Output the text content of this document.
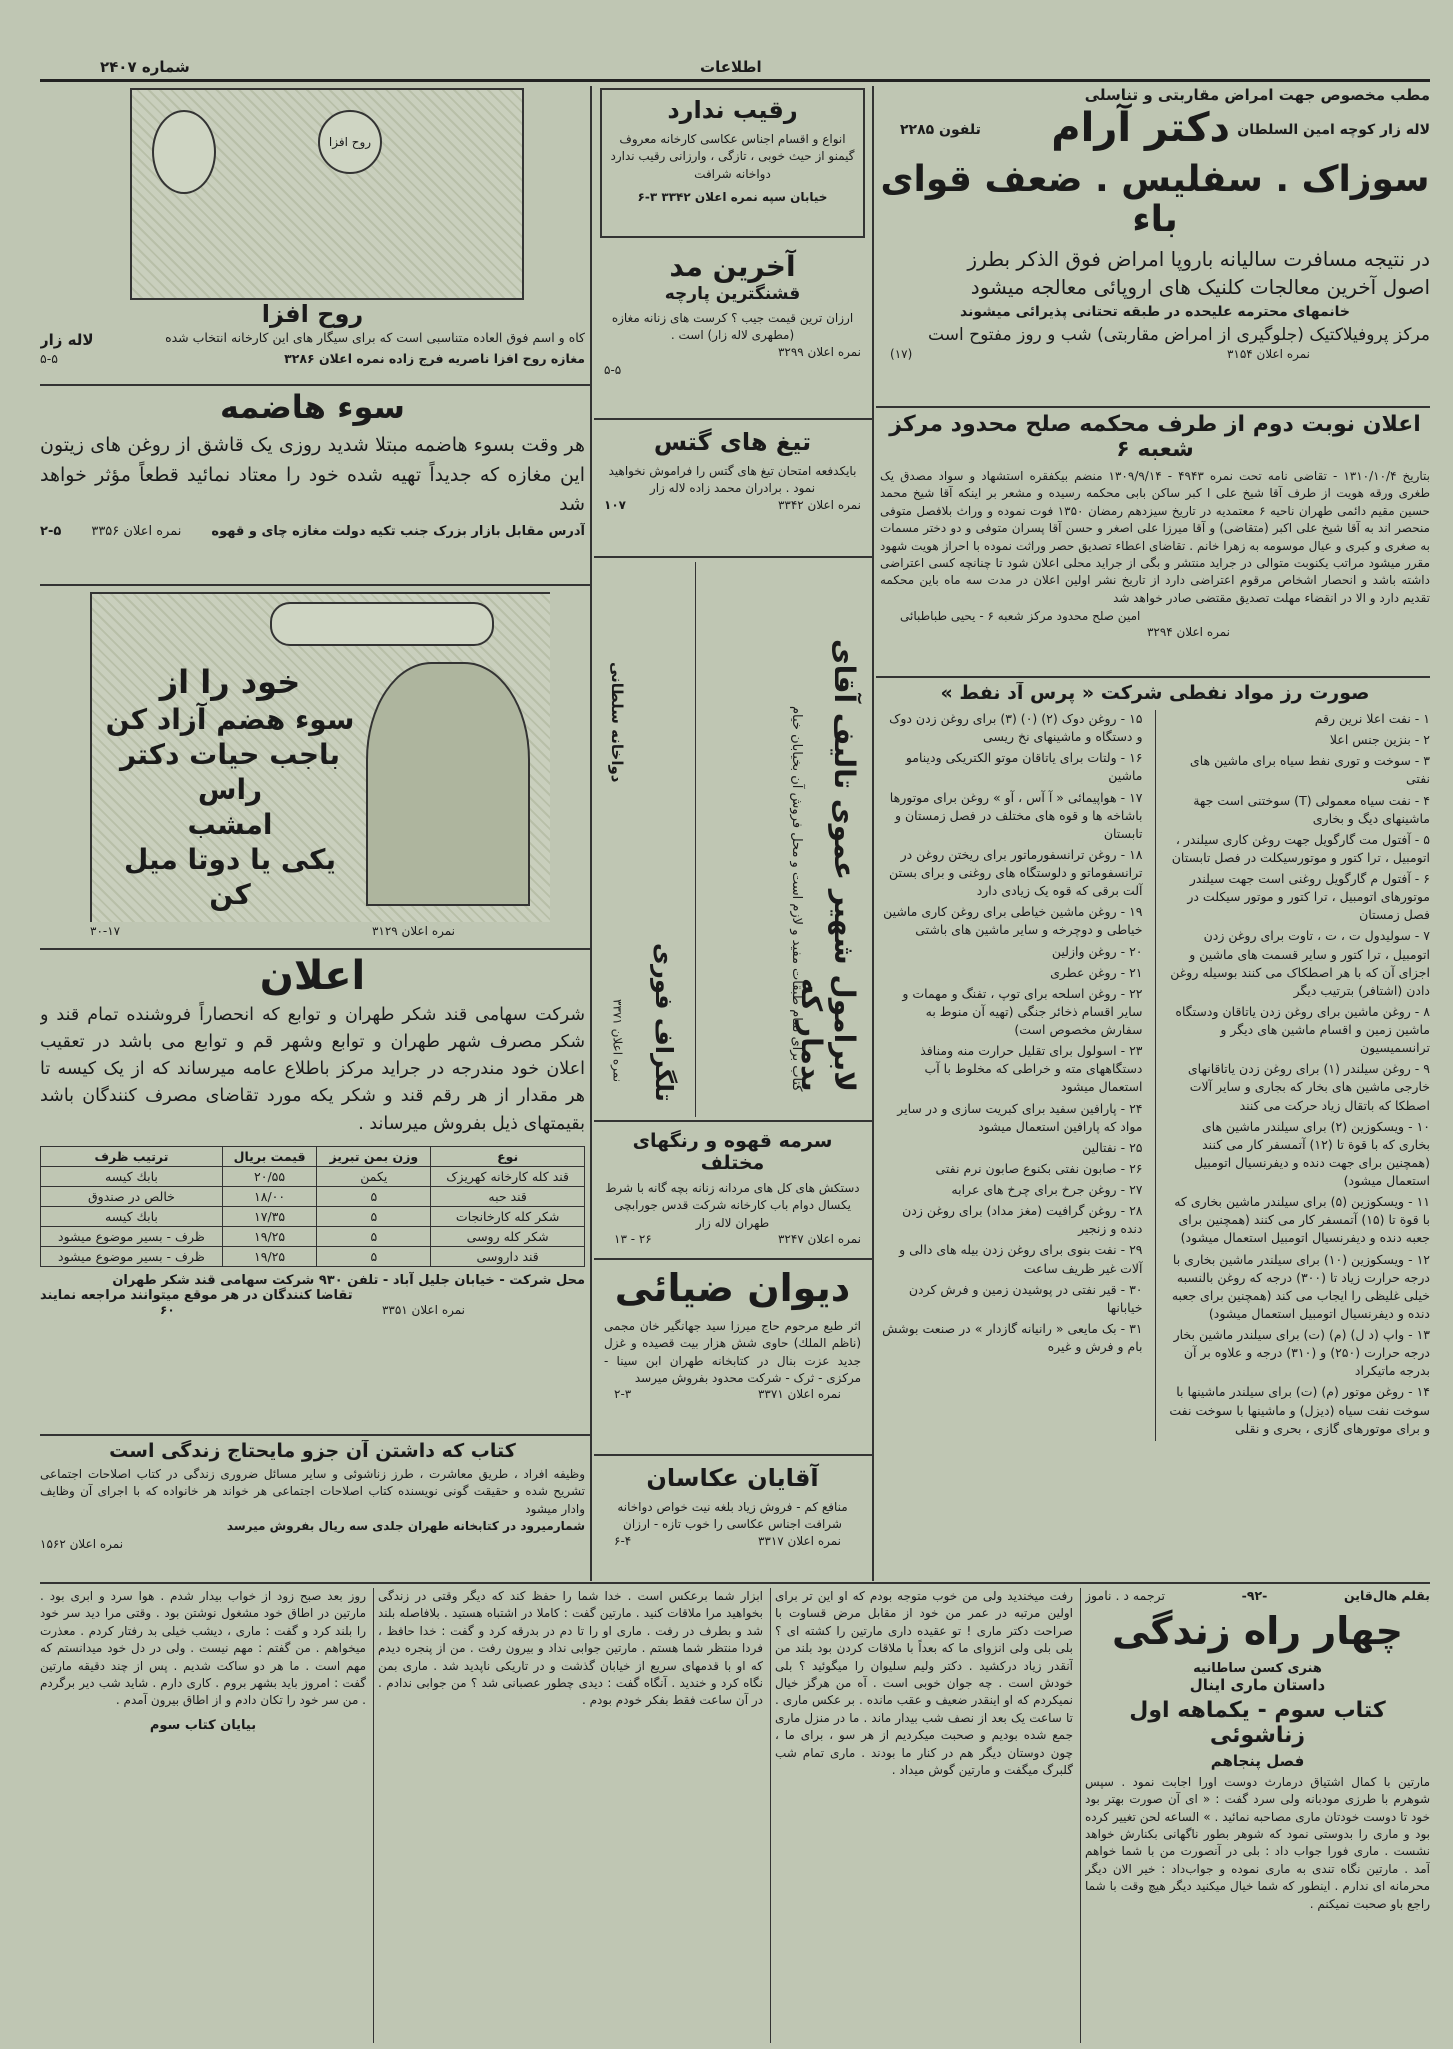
شماره ۲۴۰۷	اطلاعات
مطب مخصوص جهت امراض مقاربتی و تناسلی
لاله زار کوچه امین السلطان
دکتر آرام
تلفون ۲۲۸۵
سوزاک . سفلیس . ضعف قوای باء
در نتیجه مسافرت سالیانه باروپا امراض فوق الذکر بطرز
اصول آخرین معالجات کلنیک های اروپائی معالجه میشود
خانمهای محترمه علیحده در طبقه تحتانی پذیرائی میشوند
مرکز پروفیلاکتیک (جلوگیری از امراض مقاربتی) شب و روز مفتوح است
نمره اعلان ۳۱۵۴
(۱۷)
اعلان نوبت دوم از طرف محکمه صلح محدود مرکز شعبه ۶
بتاریخ ۱۳۱۰/۱۰/۴ - تقاضی نامه تحت نمره ۴۹۴۳ - ۱۳۰۹/۹/۱۴ منضم بیکفقره استشهاد و سواد مصدق یک طغری ورقه هویت از طرف آقا شیخ علی ا کبر ساکن بابی محکمه رسیده و مشعر بر اینکه آقا شیخ محمد حسین مقیم دائمی طهران ناحیه ۶ معتمدیه در تاریخ سیزدهم رمضان ۱۳۵۰ فوت نموده و وراث بلافصل متوفی منحصر اند به آقا شیخ علی اکبر (متقاضی) و آقا میرزا علی اصغر و حسن آقا پسران متوفی و دو دختر مسمات به صغری و کبری و عیال موسومه به زهرا خانم . تقاضای اعطاء تصدیق حصر وراثت نموده با احراز هویت شهود مقرر میشود مراتب یکنوبت متوالی در جراید منتشر و بگی از جراید محلی اعلان شود تا چنانچه کسی اعتراضی داشته باشد و انحصار اشخاص مرقوم اعتراضی دارد از تاریخ نشر اولین اعلان در مدت سه ماه باین محکمه تقدیم دارد و الا در انقضاء مهلت تصدیق مقتضی صادر خواهد شد
امین صلح محدود مرکز شعبه ۶ - یحیی طباطبائی
نمره اعلان ۳۲۹۴
صورت رز مواد نفطی شرکت « پرس آد نفط »

۱ - نفت اعلا نرین رقم

۲ - بنزین جنس اعلا

۳ - سوخت و توری نفط سیاه برای ماشین های نفتی

۴ - نفت سیاه معمولی (T) سوختنی است جهة ماشینهای دیگ و بخاری

۵ - آفتول مت گارگویل جهت روغن کاری سیلندر ، اتومبیل ، ترا کتور و موتورسیکلت در فصل تابستان

۶ - آفتول م گارگویل روغنی است جهت سیلندر موتورهای اتومبیل ، ترا کتور و موتور سیکلت در فصل زمستان

۷ - سولیدول ت ، ت ، تاوت برای روغن زدن اتومبیل ، ترا کتور و سایر قسمت های ماشین و اجزای آن که با هر اصطکاک می کنند بوسیله روغن دادن (اشتافر) بترتیب دیگر

۸ - روغن ماشین برای روغن زدن یاتاقان ودستگاه ماشین زمین و اقسام ماشین های دیگر و ترانسمیسیون

۹ - روغن سیلندر (۱) برای روغن زدن یاتاقانهای خارجی ماشین های بخار که بجاری و سایر آلات اصطکا که باتقال زیاد حرکت می کنند

۱۰ - ویسکوزین (۲) برای سیلندر ماشین های بخاری که با قوة تا (۱۲) آتمسفر کار می کنند (همچنین برای جهت دنده و دیفرنسیال اتومبیل استعمال میشود)

۱۱ - ویسکوزین (۵) برای سیلندر ماشین بخاری که با قوة تا (۱۵) آتمسفر کار می کنند (همچنین برای جعبه دنده و دیفرنسیال اتومبیل استعمال میشود)

۱۲ - ویسکوزین (۱۰) برای سیلندر ماشین بخاری با درجه حرارت زیاد تا (۳۰۰) درجه که روغن بالنسبه خیلی غلیظی را ایجاب می کند (همچنین برای جعبه دنده و دیفرنسیال اتومبیل استعمال میشود)

۱۳ - واپ (د ل) (م) (ت) برای سیلندر ماشین بخار درجه حرارت (۲۵۰) و (۳۱۰) درجه و علاوه بر آن بدرجه ماتیکراد

۱۴ - روغن موتور (م) (ت) برای سیلندر ماشینها با سوخت نفت سیاه (دیزل) و ماشینها با سوخت نفت و برای موتورهای گازی ، بحری و نقلی

۱۵ - روغن دوک (۲) (۰) (۳) برای روغن زدن دوک و دستگاه و ماشینهای نخ ریسی

۱۶ - ولتات برای یاتاقان موتو الکتریکی ودینامو ماشین

۱۷ - هواپیمائی « آ آس ، آو » روغن برای موتورها باشاخه ها و قوه های مختلف در فصل زمستان و تابستان

۱۸ - روغن ترانسفورماتور برای ریختن روغن در ترانسفوماتو و دلوستگاه های روغنی و برای بستن آلت برقی که قوه یک زیادی دارد

۱۹ - روغن ماشین خیاطی برای روغن کاری ماشین خیاطی و دوچرخه و سایر ماشین های باشتی

۲۰ - روغن وازلین

۲۱ - روغن عطری

۲۲ - روغن اسلحه برای توپ ، تفنگ و مهمات و سایر اقسام ذخائر جنگی (تهیه آن منوط به سفارش مخصوص است)

۲۳ - اسولول برای تقلیل حرارت منه ومنافذ دستگاههای مته و خراطی که مخلوط با آب استعمال میشود

۲۴ - پارافین سفید برای کبریت سازی و در سایر مواد که پارافین استعمال میشود

۲۵ - نفتالین

۲۶ - صابون نفتی بکنوع صابون نرم نفتی

۲۷ - روغن جرخ برای چرخ های عرابه

۲۸ - روغن گرافیت (مغز مداد) برای روغن زدن دنده و زنجیر

۲۹ - نفت بنوی برای روغن زدن بیله های دالی و آلات غیر ظریف ساعت

۳۰ - قیر نفتی در پوشیدن زمین و فرش کردن خیابانها

۳۱ - بک مایعی « رانیانه گازدار » در صنعت بوشش بام و فرش و غیره

رقیب ندارد
انواع و اقسام اجناس عکاسی کارخانه معروف گیمنو از حیث خوبی ، تازگی ، وارزانی رقیب ندارد دواخانه شرافت
خیابان سپه نمره اعلان ۳۳۴۲ ۳-۶
آخرین مد
قشنگترین پارچه
ارزان ترین قیمت جیب ؟ کرست های زنانه مغازه (مطهری لاله زار) است .
نمره اعلان ۳۲۹۹
۵-۵
تیغ های گتس
بایکدفعه امتحان تیغ های گتس را فراموش نخواهید نمود . برادران محمد زاده لاله زار
نمره اعلان ۳۳۴۲
۱۰۷
لابرامول شهیر عموی تالیف آقای بدمار که
کتاب برای تمام طبقات مفید و لازم است و محل فروش آن بخیابان خیام
تلگراف فوری
دواخانه سلطانی
نمره اعلان ۳۳۷۱
سرمه قهوه و رنگهای مختلف
دستکش های کل های مردانه زنانه بچه گانه با شرط یکسال دوام باب کارخانه شرکت قدس جورابچی طهران لاله زار
نمره اعلان ۳۲۴۷
۲۶ - ۱۳
دیوان ضیائی
اثر طبع مرحوم حاج میرزا سید جهانگیر خان مجمی (ناظم الملك) حاوی شش هزار بیت قصیده و غزل جدید عزت بنال در کتابخانه طهران ابن سینا - مرکزی - ثرک - شرکت محدود بفروش میرسد
نمره اعلان ۳۳۷۱
۲-۳
آقایان عکاسان
منافع کم - فروش زیاد بلغه نیت خواص دواخانه شرافت اجناس عکاسی را خوب تازه - ارزان
نمره اعلان ۳۳۱۷
۶-۴
روح افزا
روح افزا
کاه و اسم فوق العاده متناسبی است که برای سیگار های این کارخانه انتخاب شده
لاله زار
مغازه روح افزا ناصریه فرج زاده نمره اعلان ۳۲۸۶
۵-۵
سوء هاضمه
هر وقت بسوء هاضمه مبتلا شدید روزی یک قاشق از روغن های زیتون این مغازه که جدیداً تهیه شده خود را معتاد نمائید قطعاً مؤثر خواهد شد
آدرس مقابل بازار بزرک جنب تکیه دولت مغازه چای و قهوه
نمره اعلان ۳۳۵۶
۲-۵
خود را از
سوء هضم آزاد کن
باجب حیات دکتر راس
امشب
یکی یا دوتا میل کن
نمره اعلان ۳۱۲۹
۳۰-۱۷
اعلان
شرکت سهامی قند شکر طهران و توابع که انحصاراً فروشنده تمام قند و شکر مصرف شهر طهران و توابع وشهر قم و توابع می باشد در تعقیب اعلان خود مندرجه در جراید مرکز باطلاع عامه میرساند که از یک کیسه تا هر مقدار از هر رقم قند و شکر یکه مورد تقاضای مصرف کنندگان باشد بقیمتهای ذیل بفروش میرساند .
نوع	وزن بمن تبریز	قیمت بریال	ترتیب ظرف
قند کله کارخانه کهریزک	یکمن	۲۰/۵۵	بابك كيسه
قند حبه	۵	۱۸/۰۰	خالص در صندوق
شکر کله کارخانجات	۵	۱۷/۳۵	بابك كيسه
شکر کله روسی	۵	۱۹/۲۵	ظرف - بسیر موضوع میشود
قند داروسی	۵	۱۹/۲۵	ظرف - بسیر موضوع میشود
محل شرکت - خیابان جلیل آباد - تلفن ۹۳۰ شرکت سهامی قند شکر طهران
تقاضا کنندگان در هر موقع میتوانند مراجعه نمایند
نمره اعلان ۳۳۵۱
۶۰
کتاب که داشتن آن جزو مایحتاج زندگی است
وظیفه افراد ، طریق معاشرت ، طرز زناشوئی و سایر مسائل ضروری زندگی در کتاب اصلاحات اجتماعی تشریح شده و حقیقت گونی نویسنده کتاب اصلاحات اجتماعی هر خواند هر خانواده که با اجرای آن وظایف وادار میشود
شمارمیرود در کتابخانه طهران جلدی سه ریال بفروش میرسد
نمره اعلان ۱۵۶۲
بقلم هال‌قاین
-۹۲-
ترجمه د . ناموز
چهار راه زندگی
هنری کسن ساطانیه
داستان ماری اینال
کتاب سوم - یکماهه اول زناشوئی
فصل پنجاهم
مارتین با کمال اشتیاق درمارث دوست اورا اجابت نمود . سپس شوهرم با طرزی مودبانه ولی سرد گفت : « ای آن صورت بهتر بود خود تا دوست خودتان ماری مصاحبه نمائید . » الساعه لحن تغییر کرده بود و ماری را بدوستی نمود که شوهر بطور ناگهانی بکنارش خواهد نشست . ماری فورا جواب داد : بلی در آنصورت من با شما خواهم آمد . مارتین نگاه تندی به ماری نموده و جواب‌داد : خیر الان دیگر محرمانه ای ندارم . اینطور که شما خیال میکنید دیگر هیچ وقت با شما راجع باو صحبت نمیکنم .
رفت میخندید ولی من خوب متوجه بودم که او این تر برای اولین مرتبه در عمر من خود از مقابل مرض قساوت با صراحت دکتر ماری ! تو عقیده داری مارتین را کشته ای ؟ بلی بلی ولی انزوای ما که بعداً با ملاقات کردن بود بلند من آنقدر زیاد درکشید . دکتر ولیم سلیوان را میگوئید ؟ بلی خودش است . چه جوان خوبی است . آه من هرگز خیال نمیکردم که او اینقدر ضعیف و عقب مانده . بر عکس ماری . تا ساعت یک بعد از نصف شب بیدار ماند . ما در منزل ماری جمع شده بودیم و صحبت میکردیم از هر سو ، برای ما ، چون دوستان دیگر هم در کنار ما بودند . ماری تمام شب گلبرگ میگفت و مارتین گوش میداد .
ابزار شما برعکس است . خدا شما را حفظ کند که دیگر وقتی در زندگی بخواهید مرا ملاقات کنید . مارتین گفت : کاملا در اشتباه هستید . بلافاصله بلند شد و بطرف در رفت . ماری او را تا دم در بدرقه کرد و گفت : خدا حافظ ، فردا منتظر شما هستم . مارتین جوابی نداد و بیرون رفت . من از پنجره دیدم که او با قدمهای سریع از خیابان گذشت و در تاریکی ناپدید شد . ماری بمن نگاه کرد و خندید . آنگاه گفت : دیدی چطور عصبانی شد ؟ من جوابی ندادم . در آن ساعت فقط بفکر خودم بودم .
روز بعد صبح زود از خواب بیدار شدم . هوا سرد و ابری بود . مارتین در اطاق خود مشغول نوشتن بود . وقتی مرا دید سر خود را بلند کرد و گفت : ماری ، دیشب خیلی بد رفتار کردم . معذرت میخواهم . من گفتم : مهم نیست . ولی در دل خود میدانستم که مهم است . ما هر دو ساکت شدیم . پس از چند دقیقه مارتین گفت : امروز باید بشهر بروم . کاری دارم . شاید شب دیر برگردم . من سر خود را تکان دادم و از اطاق بیرون آمدم .
بیایان کتاب سوم
